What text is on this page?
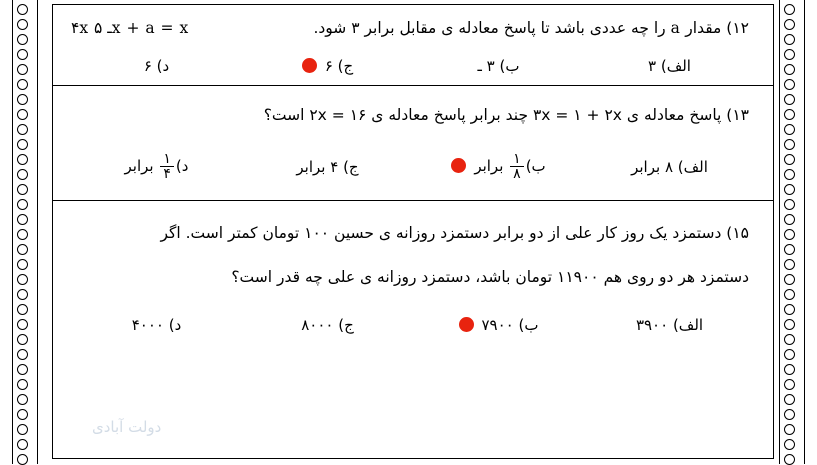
۴x ـ ۵x + a = x	۱۲) مقدار a را چه عددی باشد تا پاسخ معادله ی مقابل برابر ۳ شود.
الف) ۳
ب) ۳ ـ
ج) ۶
د) ۶
۱۳) پاسخ معادله ی ۳x = ۱ + ۲x چند برابر پاسخ معادله ی ۱۶ = ۲x است؟
الف) ۸ برابر
ب)
$\frac{۱}{۸}$
برابر
ج) ۴ برابر
د)
$\frac{۱}{۴}$
برابر
۱۵) دستمزد یک روز کار علی از دو برابر دستمزد روزانه ی حسین ۱۰۰ تومان کمتر است. اگر
دستمزد هر دو روی هم ۱۱۹۰۰ تومان باشد، دستمزد روزانه ی علی چه قدر است؟
الف) ۳۹۰۰
ب) ۷۹۰۰
ج) ۸۰۰۰
د) ۴۰۰۰
دولت آبادی
